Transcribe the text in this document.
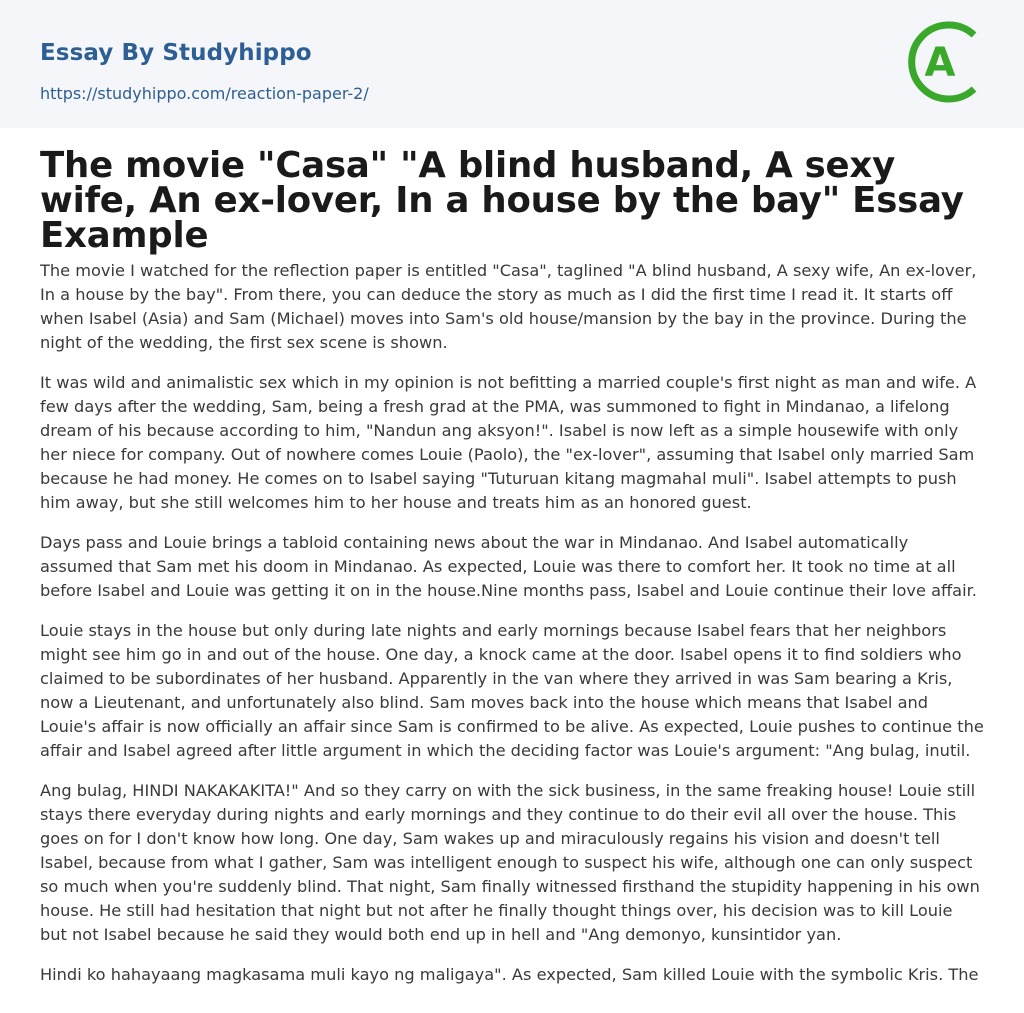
Essay By Studyhippo
https://studyhippo.com/reaction-paper-2/
A
The movie "Casa" "A blind husband, A sexy wife, An ex-lover, In a house by the bay" Essay Example

The movie I watched for the reflection paper is entitled "Casa", taglined "A blind husband, A sexy wife, An ex-lover, In a house by the bay". From there, you can deduce the story as much as I did the first time I read it. It starts off when Isabel (Asia) and Sam (Michael) moves into Sam's old house/mansion by the bay in the province. During the night of the wedding, the first sex scene is shown.

It was wild and animalistic sex which in my opinion is not befitting a married couple's first night as man and wife. A few days after the wedding, Sam, being a fresh grad at the PMA, was summoned to fight in Mindanao, a lifelong dream of his because according to him, "Nandun ang aksyon!". Isabel is now left as a simple housewife with only her niece for company. Out of nowhere comes Louie (Paolo), the "ex-lover", assuming that Isabel only married Sam because he had money. He comes on to Isabel saying "Tuturuan kitang magmahal muli". Isabel attempts to push him away, but she still welcomes him to her house and treats him as an honored guest.

Days pass and Louie brings a tabloid containing news about the war in Mindanao. And Isabel automatically assumed that Sam met his doom in Mindanao. As expected, Louie was there to comfort her. It took no time at all before Isabel and Louie was getting it on in the house.Nine months pass, Isabel and Louie continue their love affair.

Louie stays in the house but only during late nights and early mornings because Isabel fears that her neighbors might see him go in and out of the house. One day, a knock came at the door. Isabel opens it to find soldiers who claimed to be subordinates of her husband. Apparently in the van where they arrived in was Sam bearing a Kris, now a Lieutenant, and unfortunately also blind. Sam moves back into the house which means that Isabel and Louie's affair is now officially an affair since Sam is confirmed to be alive. As expected, Louie pushes to continue the affair and Isabel agreed after little argument in which the deciding factor was Louie's argument: "Ang bulag, inutil.

Ang bulag, HINDI NAKAKAKITA!" And so they carry on with the sick business, in the same freaking house! Louie still stays there everyday during nights and early mornings and they continue to do their evil all over the house. This goes on for I don't know how long. One day, Sam wakes up and miraculously regains his vision and doesn't tell Isabel, because from what I gather, Sam was intelligent enough to suspect his wife, although one can only suspect so much when you're suddenly blind. That night, Sam finally witnessed firsthand the stupidity happening in his own house. He still had hesitation that night but not after he finally thought things over, his decision was to kill Louie but not Isabel because he said they would both end up in hell and "Ang demonyo, kunsintidor yan.

Hindi ko hahayaang magkasama muli kayo ng maligaya". As expected, Sam killed Louie with the symbolic Kris. The
